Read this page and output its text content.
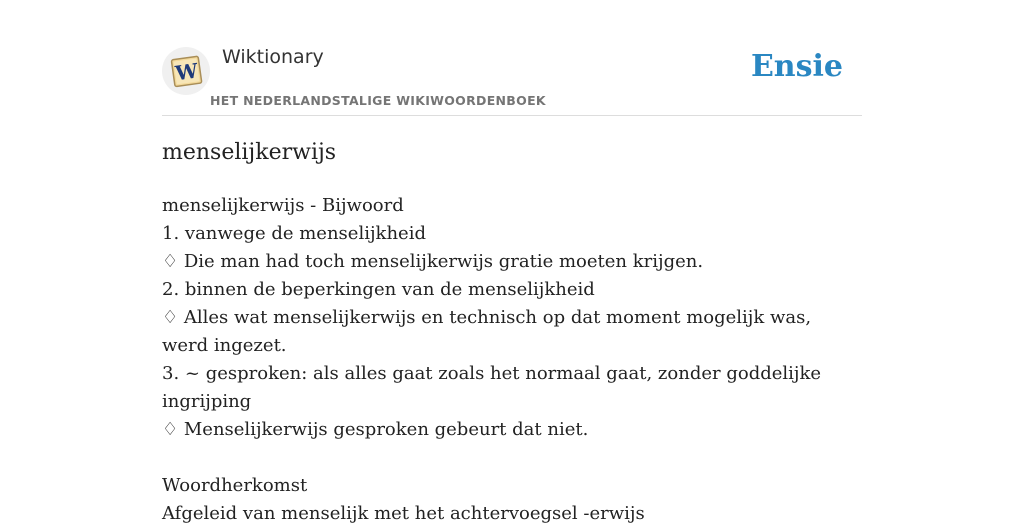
W
Wiktionary
HET NEDERLANDSTALIGE WIKIWOORDENBOEK
Ensie
menselijkerwijs
menselijkerwijs - Bijwoord
1. vanwege de menselijkheid
♢ Die man had toch menselijkerwijs gratie moeten krijgen.
2. binnen de beperkingen van de menselijkheid
♢ Alles wat menselijkerwijs en technisch op dat moment mogelijk was, werd ingezet.
3. ~ gesproken: als alles gaat zoals het normaal gaat, zonder goddelijke ingrijping
♢ Menselijkerwijs gesproken gebeurt dat niet.
Woordherkomst
Afgeleid van menselijk met het achtervoegsel -erwijs
